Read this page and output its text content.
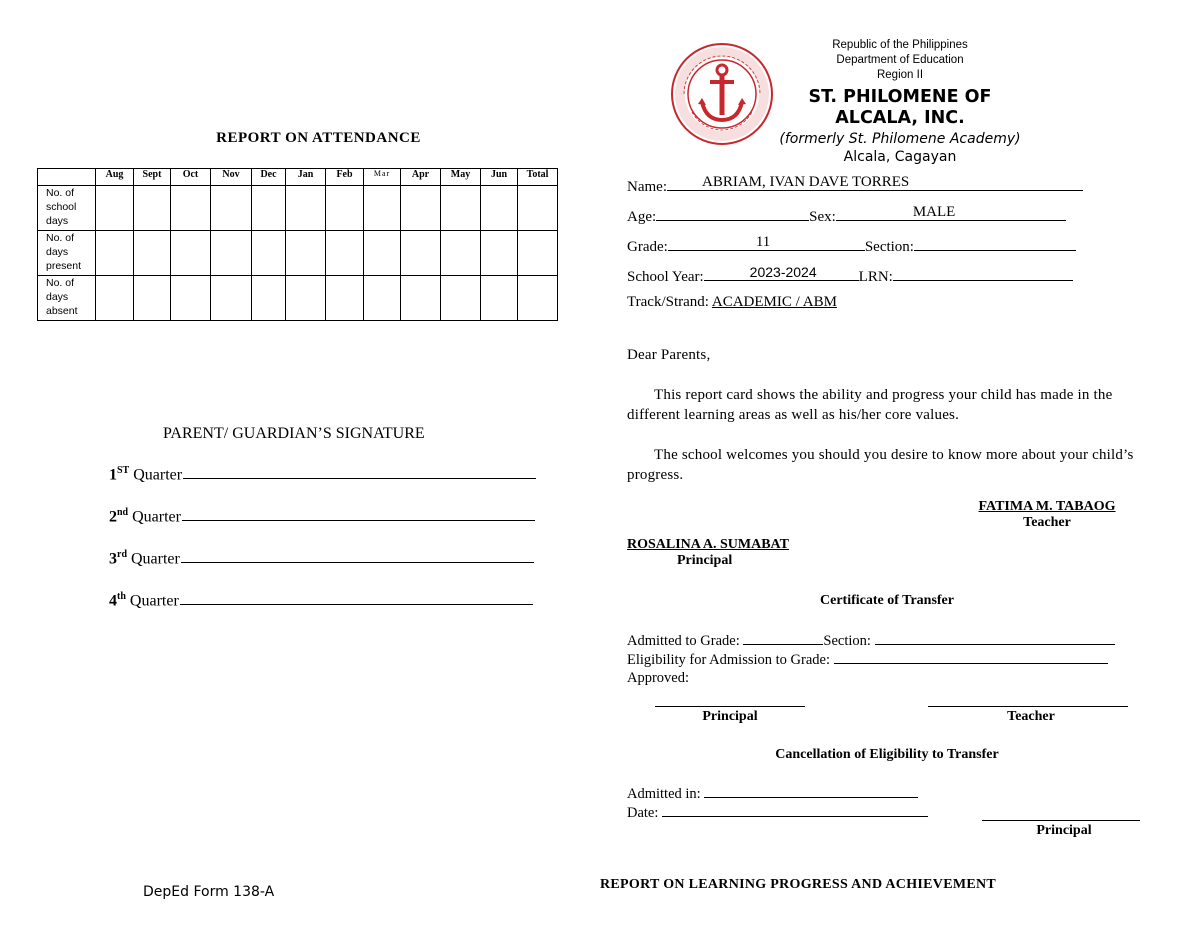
REPORT ON ATTENDANCE
	Aug	Sept	Oct	Nov	Dec	Jan	Feb	Mar	Apr	May	Jun	Total
No. of school days												
No. of days present												
No. of days absent												
PARENT/ GUARDIAN’S SIGNATURE
1ST Quarter
2nd Quarter
3rd Quarter
4th Quarter
DepEd Form 138-A
Republic of the Philippines
Department of Education
Region II
ST. PHILOMENE OF
ALCALA, INC.
(formerly St. Philomene Academy)
Alcala, Cagayan
Name: ABRIAM, IVAN DAVE TORRES
Age:	Sex:	MALE
Grade:	11	Section:
School Year:	2023-2024	LRN:
Track/Strand: ACADEMIC / ABM
Dear Parents,
This report card shows the ability and progress your child has made in the different learning areas as well as his/her core values.
The school welcomes you should you desire to know more about your child’s progress.
FATIMA M. TABAOG
Teacher
ROSALINA A. SUMABAT
Principal
Certificate of Transfer
Admitted to Grade:	Section:
Eligibility for Admission to Grade:
Approved:
Principal	Teacher
Cancellation of Eligibility to Transfer
Admitted in:
Date:
Principal
REPORT ON LEARNING PROGRESS AND ACHIEVEMENT
